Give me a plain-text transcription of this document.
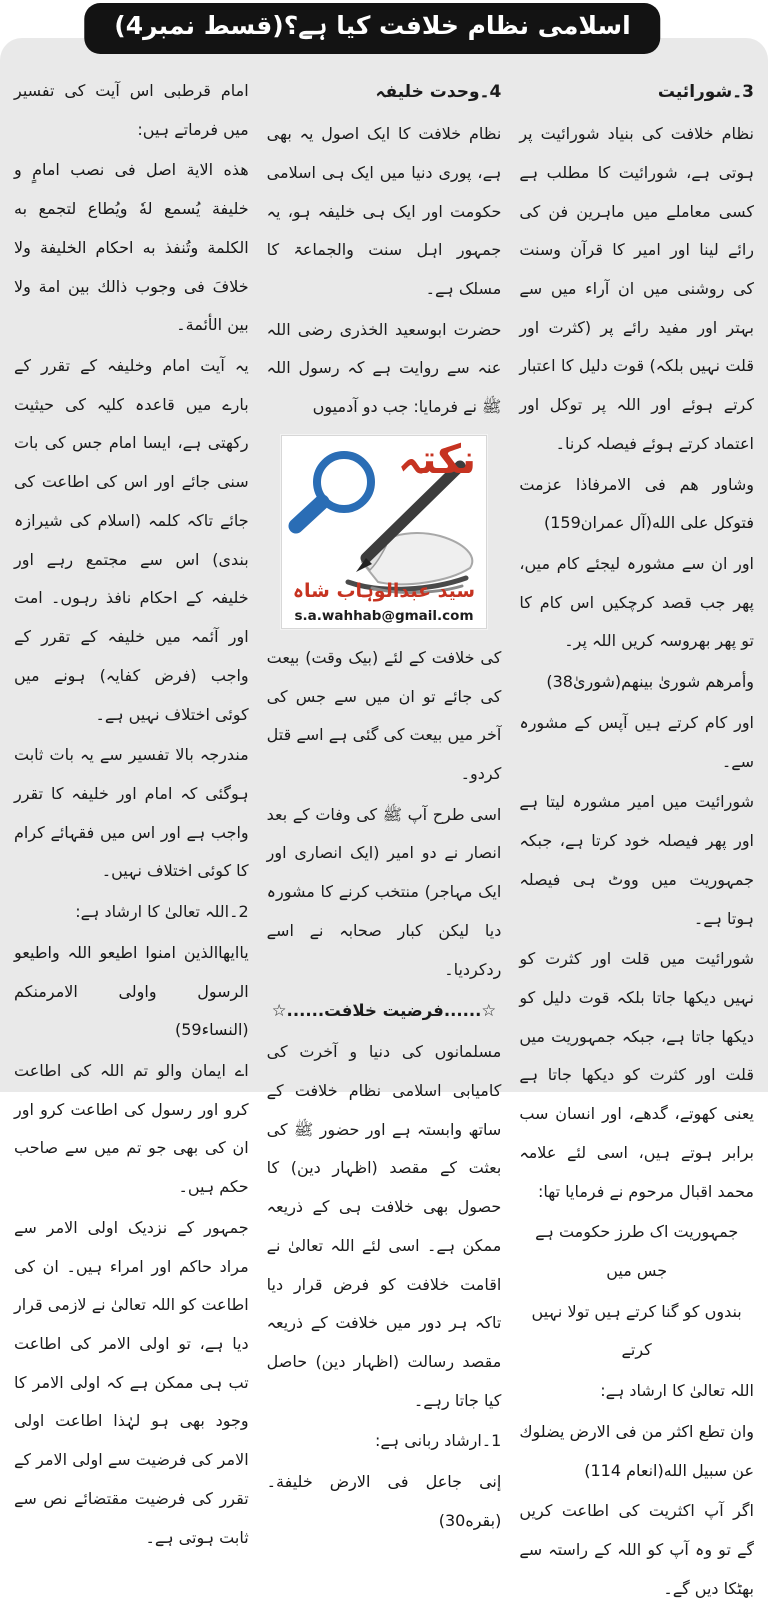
اسلامی نظام خلافت کیا ہے؟(قسط نمبر4)
3۔شورائیت
نظام خلافت کی بنیاد شورائیت پر ہوتی ہے، شورائیت کا مطلب ہے کسی معاملے میں ماہرین فن کی رائے لینا اور امیر کا قرآن وسنت کی روشنی میں ان آراء میں سے بہتر اور مفید رائے پر (کثرت اور قلت نہیں بلکہ) قوت دلیل کا اعتبار کرتے ہوئے اور اللہ پر توکل اور اعتماد کرتے ہوئے فیصلہ کرنا۔
وشاور هم فی الامرفاذا عزمت فتوکل علی الله(آل عمران159)
اور ان سے مشورہ لیجئے کام میں، پھر جب قصد کرچکیں اس کام کا تو پھر بھروسہ کریں اللہ پر۔
وأمرهم شورىٰ بينهم(شورىٰ38)
اور کام کرتے ہیں آپس کے مشورہ سے۔
شورائیت میں امیر مشورہ لیتا ہے اور پھر فیصلہ خود کرتا ہے، جبکہ جمہوریت میں ووٹ ہی فیصلہ ہوتا ہے۔
شورائیت میں قلت اور کثرت کو نہیں دیکھا جاتا بلکہ قوت دلیل کو دیکھا جاتا ہے، جبکہ جمہوریت میں قلت اور کثرت کو دیکھا جاتا ہے یعنی کھوتے، گدھے، اور انسان سب برابر ہوتے ہیں، اسی لئے علامہ محمد اقبال مرحوم نے فرمایا تھا:
جمہوریت اک طرز حکومت ہے جس میں
بندوں کو گنا کرتے ہیں تولا نہیں کرتے
اللہ تعالیٰ کا ارشاد ہے:
وان تطع اكثر من فى الارض يضلوك عن سبيل الله(انعام 114)
اگر آپ اکثریت کی اطاعت کریں گے تو وہ آپ کو اللہ کے راستہ سے بھٹکا دیں گے۔
4۔وحدت خلیفہ
نظام خلافت کا ایک اصول یہ بھی ہے، پوری دنیا میں ایک ہی اسلامی حکومت اور ایک ہی خلیفہ ہو، یہ جمہور اہل سنت والجماعۃ کا مسلک ہے۔
حضرت ابوسعید الخذری رضی اللہ عنہ سے روایت ہے کہ رسول اللہ ﷺ نے فرمایا: جب دو آدمیوں
نکتہ
سید عبدالوہاب شاہ
s.a.wahhab@gmail.com
کی خلافت کے لئے (بیک وقت) بیعت کی جائے تو ان میں سے جس کی آخر میں بیعت کی گئی ہے اسے قتل کردو۔
اسی طرح آپ ﷺ کی وفات کے بعد انصار نے دو امیر (ایک انصاری اور ایک مہاجر) منتخب کرنے کا مشورہ دیا لیکن کبار صحابہ نے اسے ردکردیا۔
☆......فرضیت خلافت......☆
مسلمانوں کی دنیا و آخرت کی کامیابی اسلامی نظام خلافت کے ساتھ وابستہ ہے اور حضور ﷺ کی بعثت کے مقصد (اظہار دین) کا حصول بھی خلافت ہی کے ذریعہ ممکن ہے۔ اسی لئے اللہ تعالیٰ نے اقامت خلافت کو فرض قرار دیا تاکہ ہر دور میں خلافت کے ذریعہ مقصد رسالت (اظہار دین) حاصل کیا جاتا رہے۔
1۔ارشاد ربانی ہے:
إنی جاعل فی الارض خلیفة۔(بقره30)
امام قرطبی اس آیت کی تفسیر میں فرماتے ہیں:
هذه الاية اصل فى نصب امامٍ و خليفة يُسمع لهٗ ويُطاع لتجمع به الكلمة وتُنفذ به احكام الخليفة ولا خلافَ فى وجوب ذالك بين امة ولا بين الأئمة۔
یہ آیت امام وخلیفہ کے تقرر کے بارے میں قاعدہ کلیہ کی حیثیت رکھتی ہے، ایسا امام جس کی بات سنی جائے اور اس کی اطاعت کی جائے تاکہ کلمہ (اسلام کی شیرازہ بندی) اس سے مجتمع رہے اور خلیفہ کے احکام نافذ رہوں۔ امت اور آئمہ میں خلیفہ کے تقرر کے واجب (فرض کفایہ) ہونے میں کوئی اختلاف نہیں ہے۔
مندرجہ بالا تفسیر سے یہ بات ثابت ہوگئی کہ امام اور خلیفہ کا تقرر واجب ہے اور اس میں فقہائے کرام کا کوئی اختلاف نہیں۔
2۔اللہ تعالیٰ کا ارشاد ہے:
یاایھاالذین امنوا اطیعو اللہ واطیعو الرسول واولی الامرمنکم (النساء59)
اے ایمان والو تم اللہ کی اطاعت کرو اور رسول کی اطاعت کرو اور ان کی بھی جو تم میں سے صاحب حکم ہیں۔
جمہور کے نزدیک اولی الامر سے مراد حاکم اور امراء ہیں۔ ان کی اطاعت کو اللہ تعالیٰ نے لازمی قرار دیا ہے، تو اولی الامر کی اطاعت تب ہی ممکن ہے کہ اولی الامر کا وجود بھی ہو لہٰذا اطاعت اولی الامر کی فرضیت سے اولی الامر کے تقرر کی فرضیت مقتضائے نص سے ثابت ہوتی ہے۔
